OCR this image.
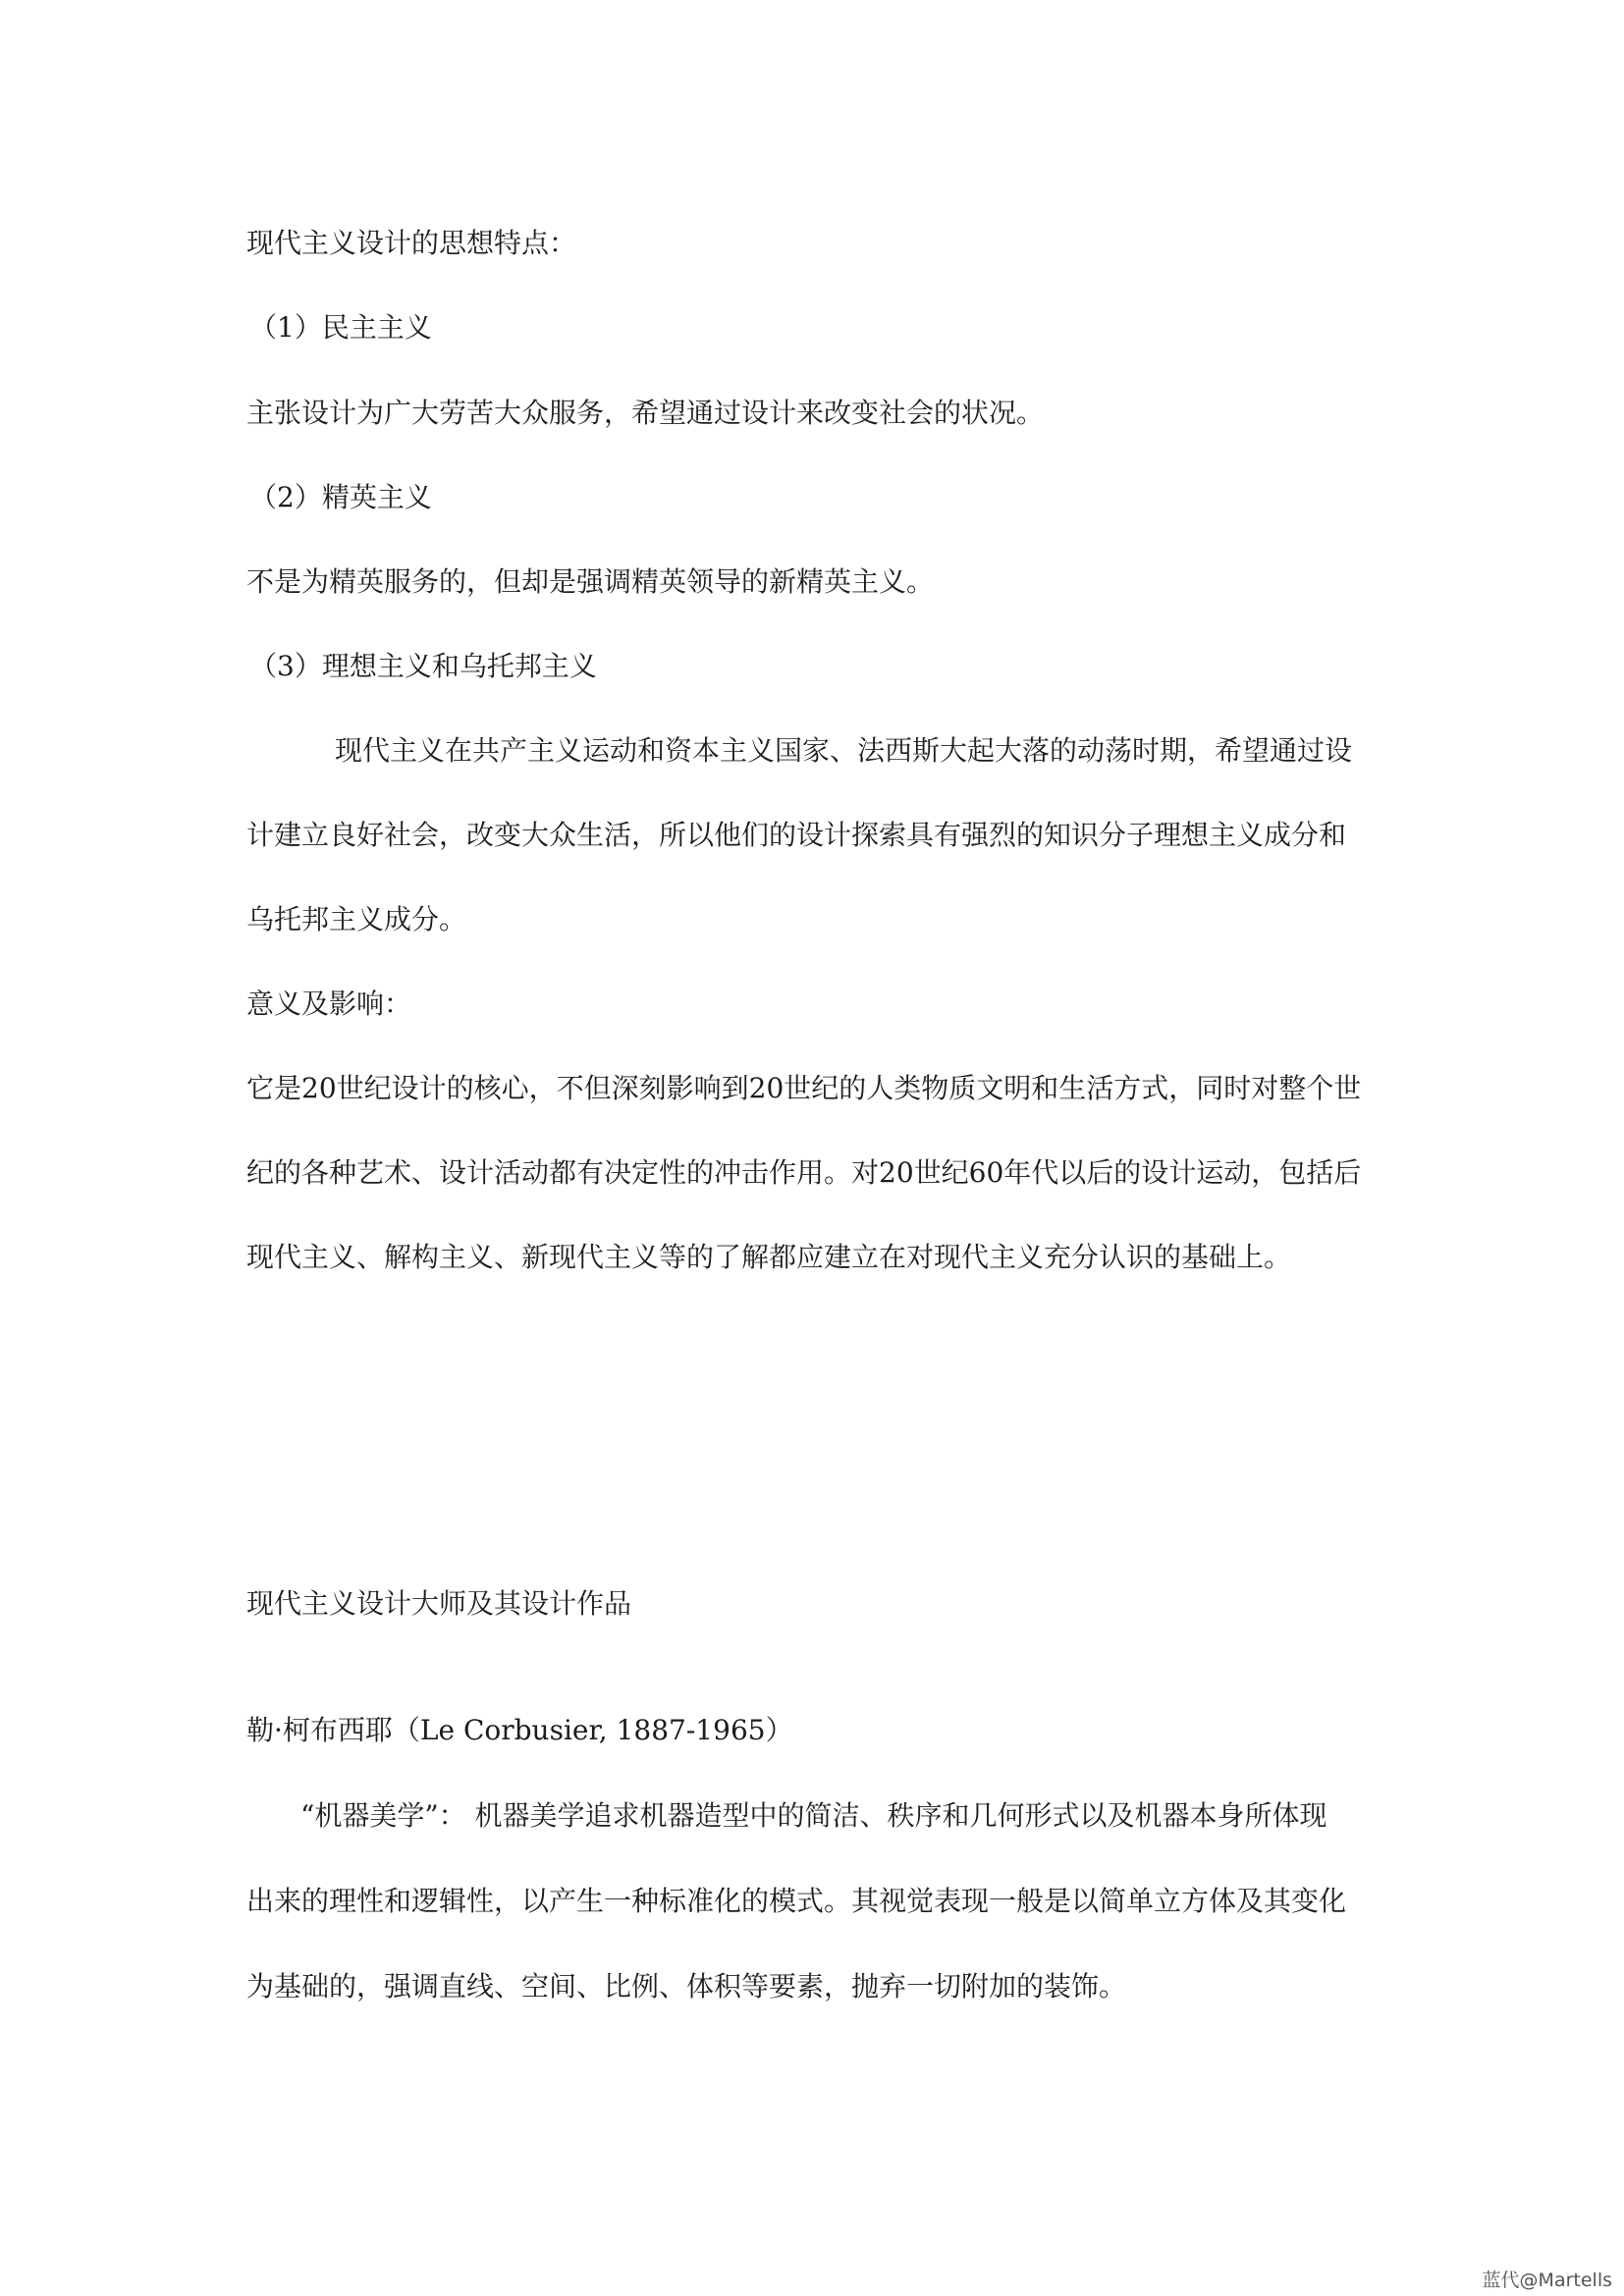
现代主义设计的思想特点：
（1）民主主义

主张设计为广大劳苦大众服务，希望通过设计来改变社会的状况。

（2）精英主义

不是为精英服务的，但却是强调精英领导的新精英主义。

（3）理想主义和乌托邦主义

现代主义在共产主义运动和资本主义国家、法西斯大起大落的动荡时期，希望通过设

计建立良好社会，改变大众生活，所以他们的设计探索具有强烈的知识分子理想主义成分和

乌托邦主义成分。

意义及影响：

它是20世纪设计的核心，不但深刻影响到20世纪的人类物质文明和生活方式，同时对整个世

纪的各种艺术、设计活动都有决定性的冲击作用。对20世纪60年代以后的设计运动，包括后

现代主义、解构主义、新现代主义等的了解都应建立在对现代主义充分认识的基础上。

现代主义设计大师及其设计作品
勒·柯布西耶（Le Corbusier, 1887-1965）

“机器美学”： 机器美学追求机器造型中的简洁、秩序和几何形式以及机器本身所体现

出来的理性和逻辑性，以产生一种标准化的模式。其视觉表现一般是以简单立方体及其变化

为基础的，强调直线、空间、比例、体积等要素，抛弃一切附加的装饰。

蓝代@Martells
